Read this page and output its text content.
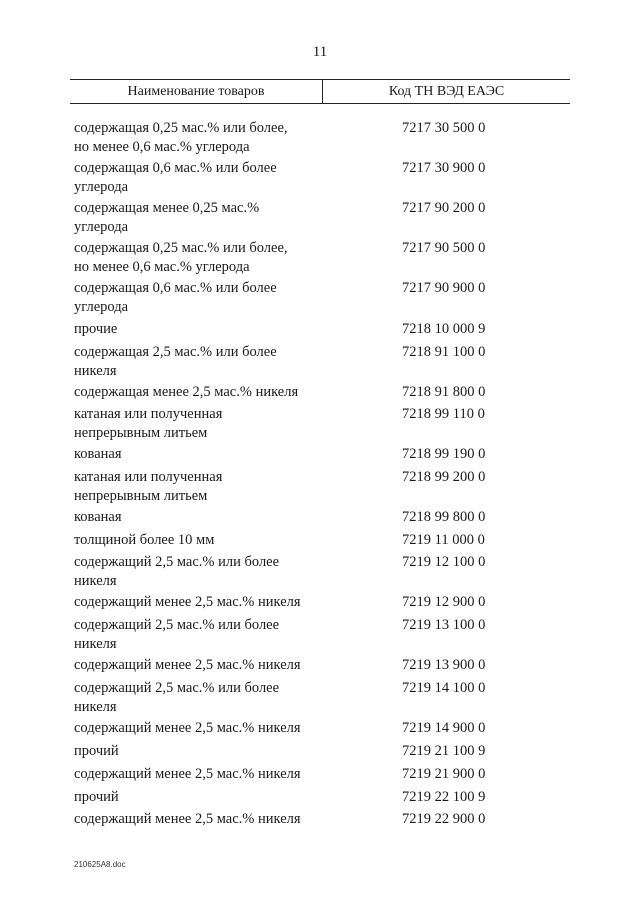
11
Наименование товаров	Код ТН ВЭД ЕАЭС
содержащая 0,25 мас.% или более,
но менее 0,6 мас.% углерода
7217 30 500 0
содержащая 0,6 мас.% или более
углерода
7217 30 900 0
содержащая менее 0,25 мас.%
углерода
7217 90 200 0
содержащая 0,25 мас.% или более,
но менее 0,6 мас.% углерода
7217 90 500 0
содержащая 0,6 мас.% или более
углерода
7217 90 900 0
прочие	7218 10 000 9
содержащая 2,5 мас.% или более
никеля
7218 91 100 0
содержащая менее 2,5 мас.% никеля	7218 91 800 0
катаная или полученная
непрерывным литьем
7218 99 110 0
кованая	7218 99 190 0
катаная или полученная
непрерывным литьем
7218 99 200 0
кованая	7218 99 800 0
толщиной более 10 мм	7219 11 000 0
содержащий 2,5 мас.% или более
никеля
7219 12 100 0
содержащий менее 2,5 мас.% никеля	7219 12 900 0
содержащий 2,5 мас.% или более
никеля
7219 13 100 0
содержащий менее 2,5 мас.% никеля	7219 13 900 0
содержащий 2,5 мас.% или более
никеля
7219 14 100 0
содержащий менее 2,5 мас.% никеля	7219 14 900 0
прочий	7219 21 100 9
содержащий менее 2,5 мас.% никеля	7219 21 900 0
прочий	7219 22 100 9
содержащий менее 2,5 мас.% никеля	7219 22 900 0
210625A8.doc
